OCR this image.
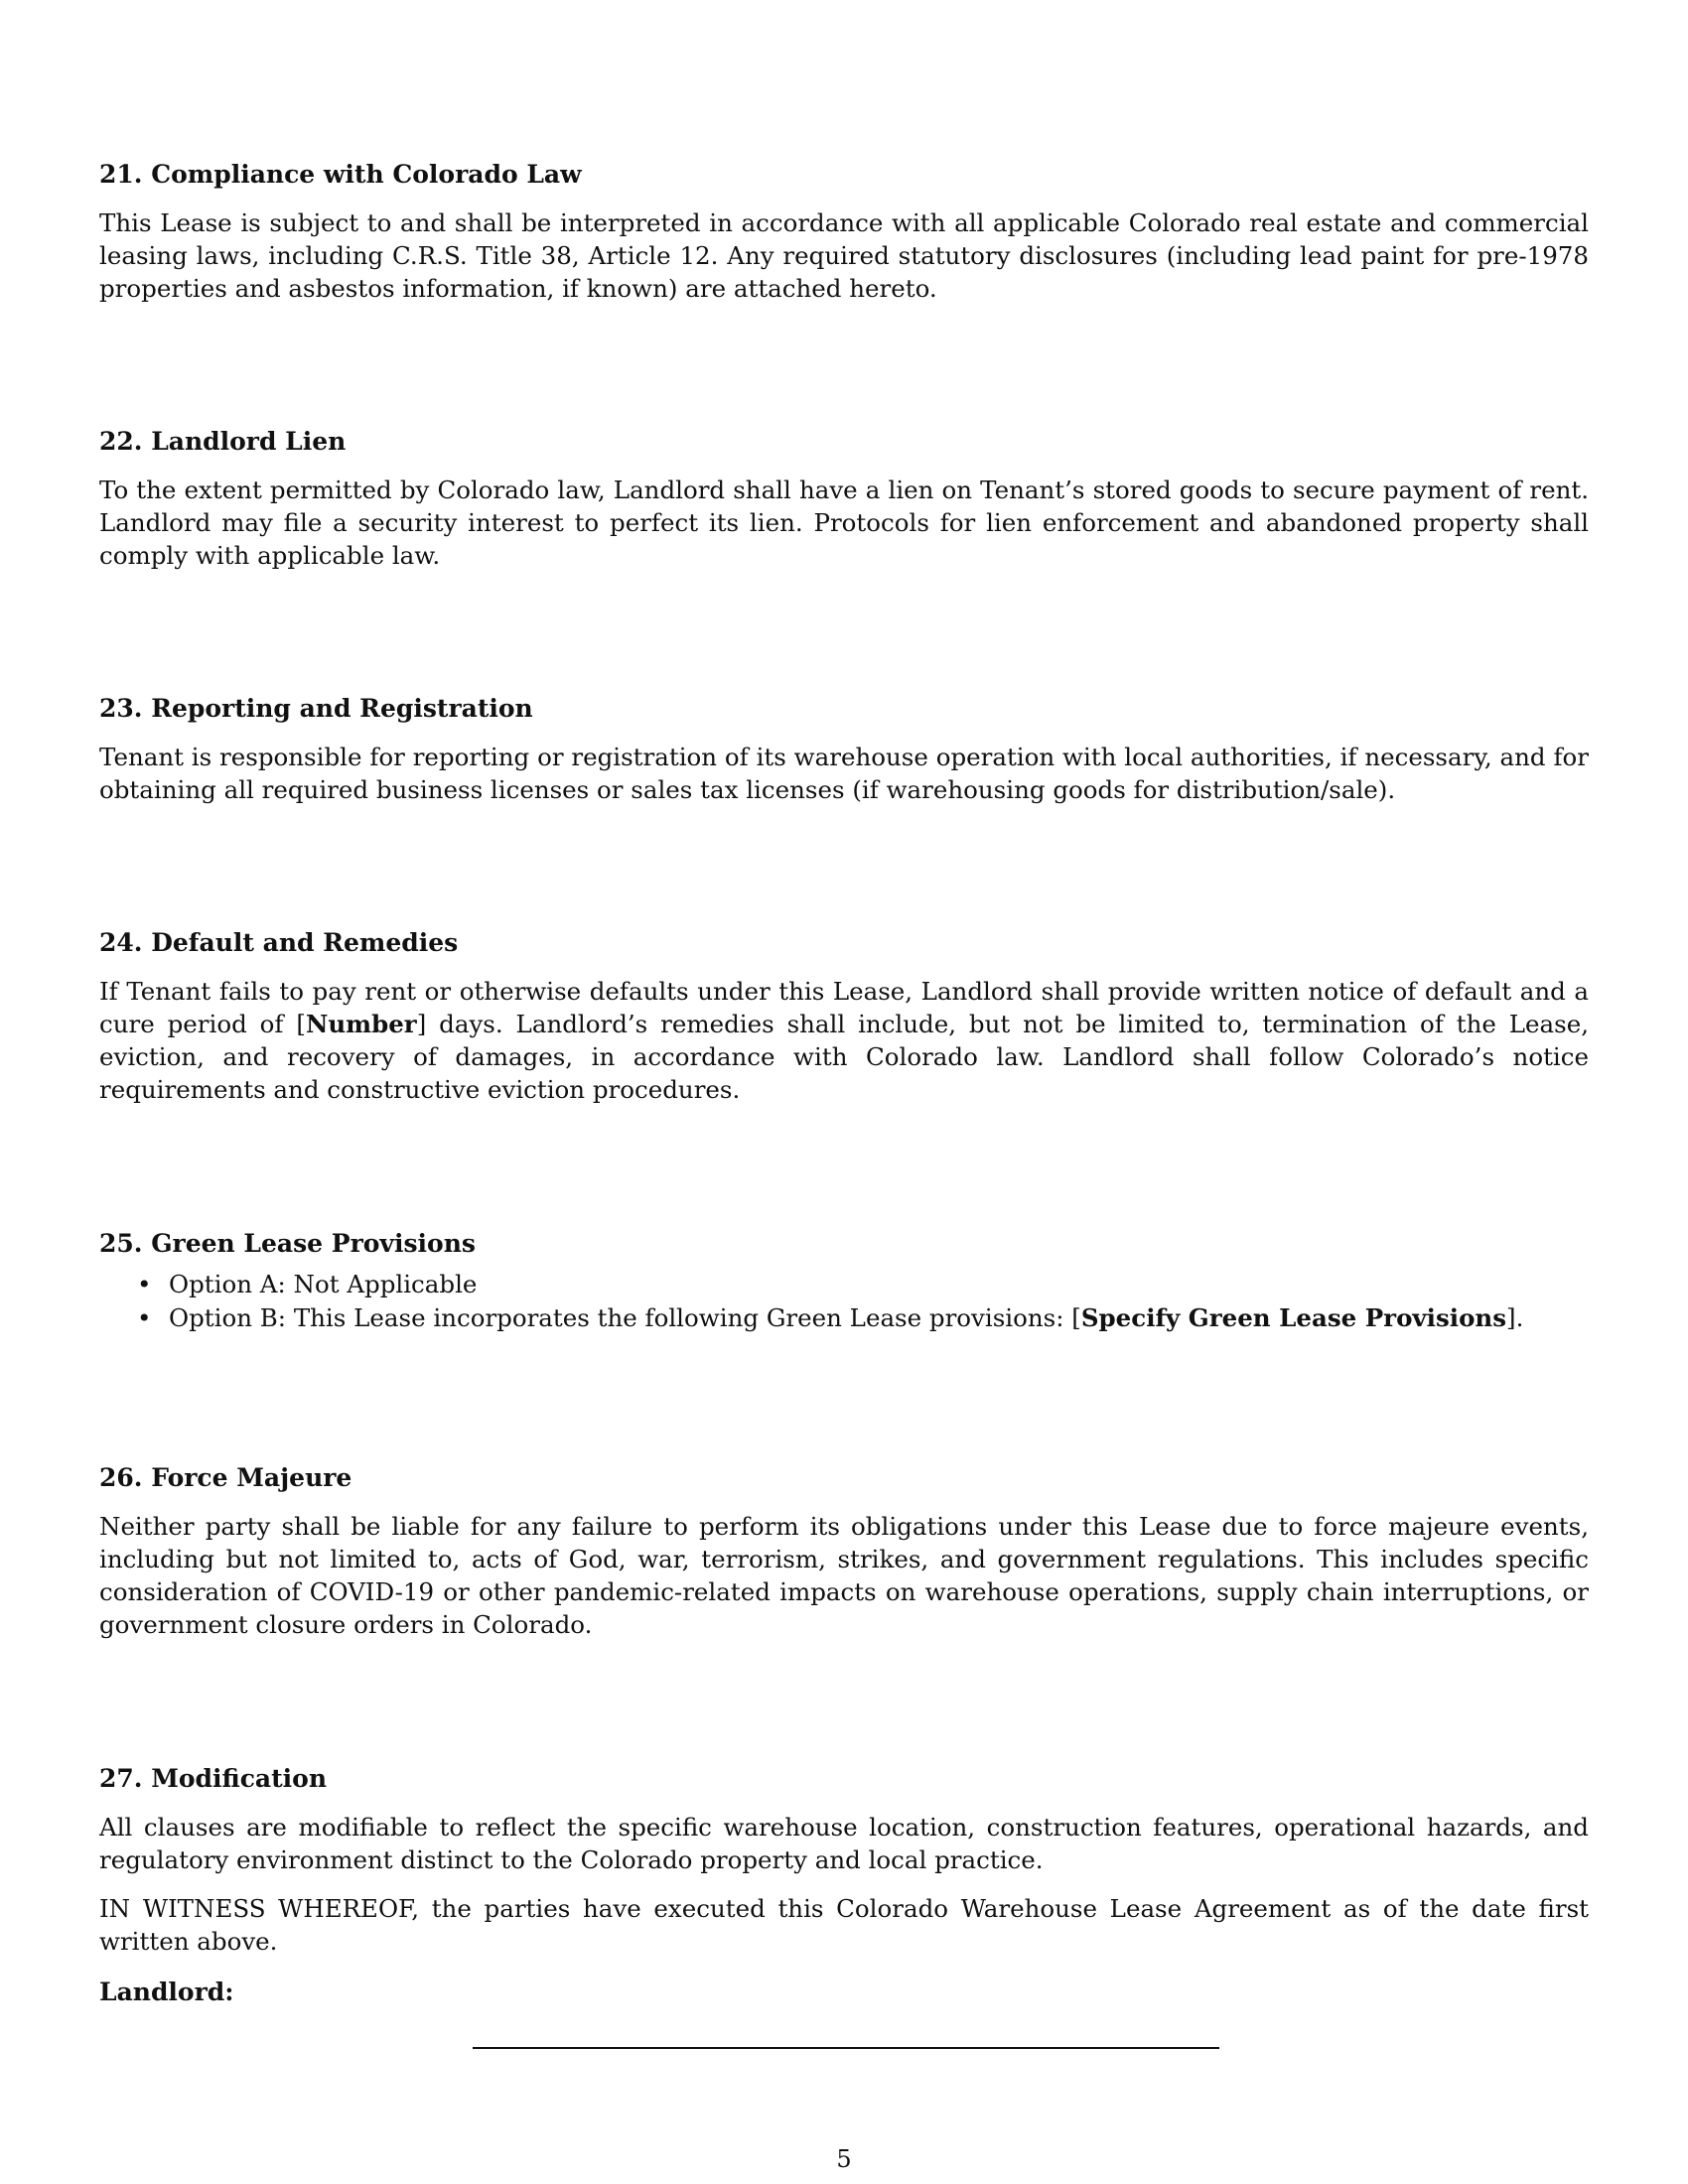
21. Compliance with Colorado Law

This Lease is subject to and shall be interpreted in accordance with all applicable Colorado real estate and commercial leasing laws, including C.R.S. Title 38, Article 12. Any required statutory disclosures (including lead paint for pre-1978 properties and asbestos information, if known) are attached hereto.

22. Landlord Lien

To the extent permitted by Colorado law, Landlord shall have a lien on Tenant’s stored goods to secure payment of rent. Landlord may file a security interest to perfect its lien. Protocols for lien enforcement and abandoned property shall comply with applicable law.

23. Reporting and Registration

Tenant is responsible for reporting or registration of its warehouse operation with local authorities, if necessary, and for obtaining all required business licenses or sales tax licenses (if warehousing goods for distribution/sale).

24. Default and Remedies

If Tenant fails to pay rent or otherwise defaults under this Lease, Landlord shall provide written notice of default and a cure period of [Number] days. Landlord’s remedies shall include, but not be limited to, termination of the Lease, eviction, and recovery of damages, in accordance with Colorado law. Landlord shall follow Colorado’s notice requirements and constructive eviction procedures.

25. Green Lease Provisions

• Option A: Not Applicable
• Option B: This Lease incorporates the following Green Lease provisions: [Specify Green Lease Provisions].

26. Force Majeure

Neither party shall be liable for any failure to perform its obligations under this Lease due to force majeure events, including but not limited to, acts of God, war, terrorism, strikes, and government regulations. This includes specific consideration of COVID-19 or other pandemic-related impacts on warehouse operations, supply chain interruptions, or government closure orders in Colorado.

27. Modification

All clauses are modifiable to reflect the specific warehouse location, construction features, operational hazards, and regulatory environment distinct to the Colorado property and local practice.

IN WITNESS WHEREOF, the parties have executed this Colorado Warehouse Lease Agreement as of the date first written above.

Landlord:

5
